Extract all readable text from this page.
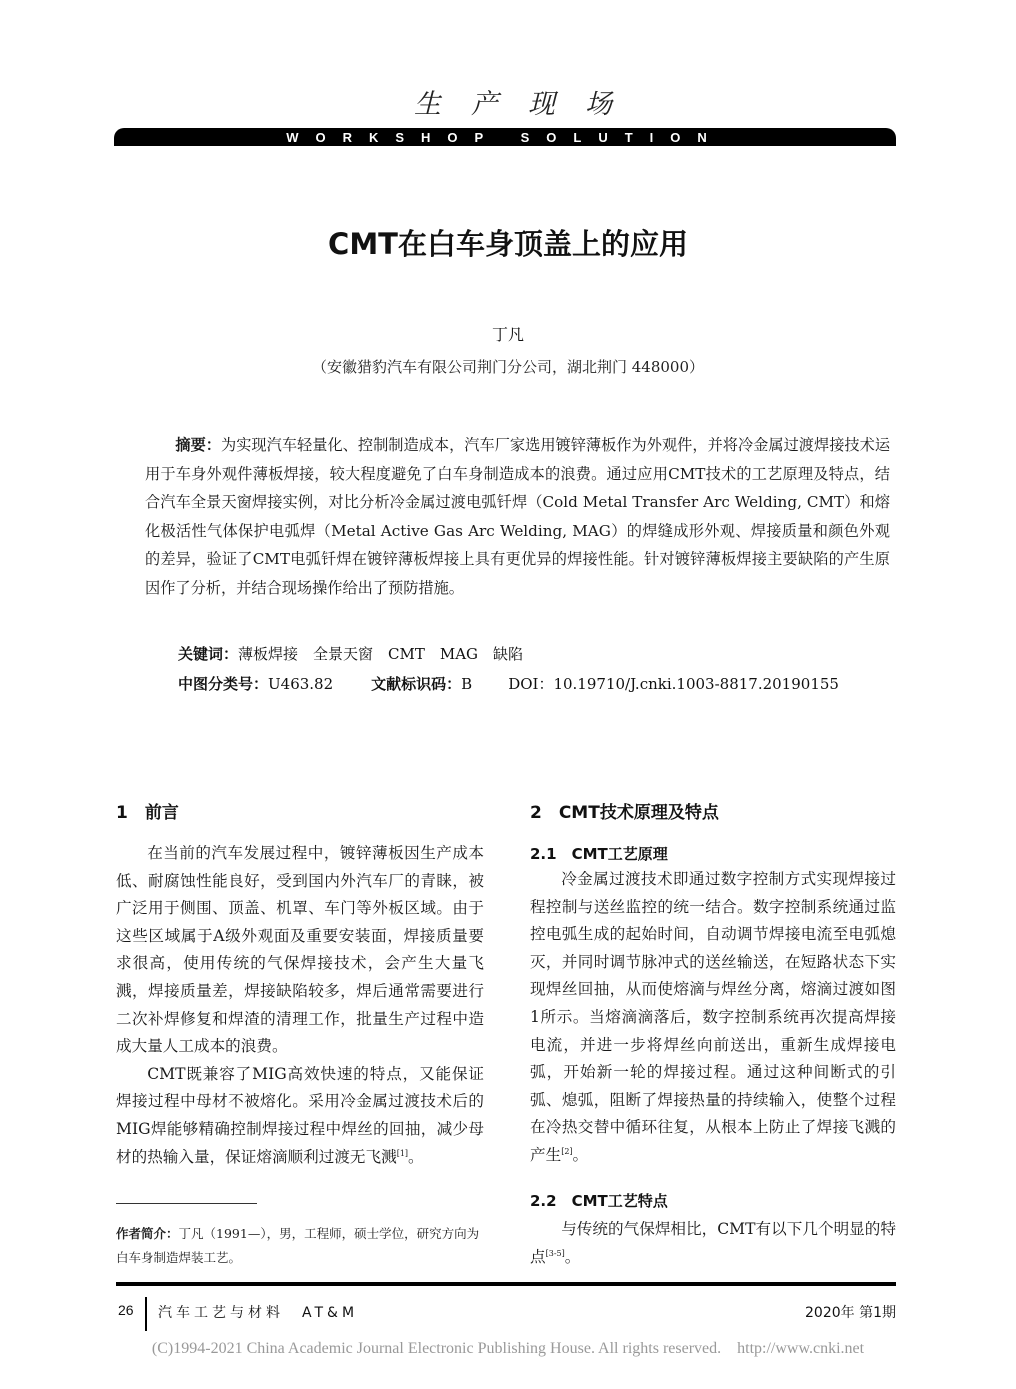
生产现场
WORKSHOP SOLUTION
CMT在白车身顶盖上的应用
丁凡
（安徽猎豹汽车有限公司荆门分公司，湖北荆门 448000）
摘要：为实现汽车轻量化、控制制造成本，汽车厂家选用镀锌薄板作为外观件，并将冷金属过渡焊接技术运用于车身外观件薄板焊接，较大程度避免了白车身制造成本的浪费。通过应用CMT技术的工艺原理及特点，结合汽车全景天窗焊接实例，对比分析冷金属过渡电弧钎焊（Cold Metal Transfer Arc Welding, CMT）和熔化极活性气体保护电弧焊（Metal Active Gas Arc Welding, MAG）的焊缝成形外观、焊接质量和颜色外观的差异，验证了CMT电弧钎焊在镀锌薄板焊接上具有更优异的焊接性能。针对镀锌薄板焊接主要缺陷的产生原因作了分析，并结合现场操作给出了预防措施。
关键词：薄板焊接　全景天窗　CMT　MAG　缺陷
中图分类号：U463.82	文献标识码：B DOI：10.19710/J.cnki.1003-8817.20190155
1　前言

在当前的汽车发展过程中，镀锌薄板因生产成本低、耐腐蚀性能良好，受到国内外汽车厂的青睐，被广泛用于侧围、顶盖、机罩、车门等外板区域。由于这些区域属于A级外观面及重要安装面，焊接质量要求很高，使用传统的气保焊接技术，会产生大量飞溅，焊接质量差，焊接缺陷较多，焊后通常需要进行二次补焊修复和焊渣的清理工作，批量生产过程中造成大量人工成本的浪费。

CMT既兼容了MIG高效快速的特点，又能保证焊接过程中母材不被熔化。采用冷金属过渡技术后的MIG焊能够精确控制焊接过程中焊丝的回抽，减少母材的热输入量，保证熔滴顺利过渡无飞溅[1]。

作者简介：丁凡（1991—），男，工程师，硕士学位，研究方向为白车身制造焊装工艺。
2　CMT技术原理及特点
2.1　CMT工艺原理

冷金属过渡技术即通过数字控制方式实现焊接过程控制与送丝监控的统一结合。数字控制系统通过监控电弧生成的起始时间，自动调节焊接电流至电弧熄灭，并同时调节脉冲式的送丝输送，在短路状态下实现焊丝回抽，从而使熔滴与焊丝分离，熔滴过渡如图1所示。当熔滴滴落后，数字控制系统再次提高焊接电流，并进一步将焊丝向前送出，重新生成焊接电弧，开始新一轮的焊接过程。通过这种间断式的引弧、熄弧，阻断了焊接热量的持续输入，使整个过程在冷热交替中循环往复，从根本上防止了焊接飞溅的产生[2]。

2.2　CMT工艺特点

与传统的气保焊相比，CMT有以下几个明显的特点[3-5]。

26 汽车工艺与材料　AT&M	2020年 第1期
(C)1994-2021 China Academic Journal Electronic Publishing House. All rights reserved.    http://www.cnki.net
